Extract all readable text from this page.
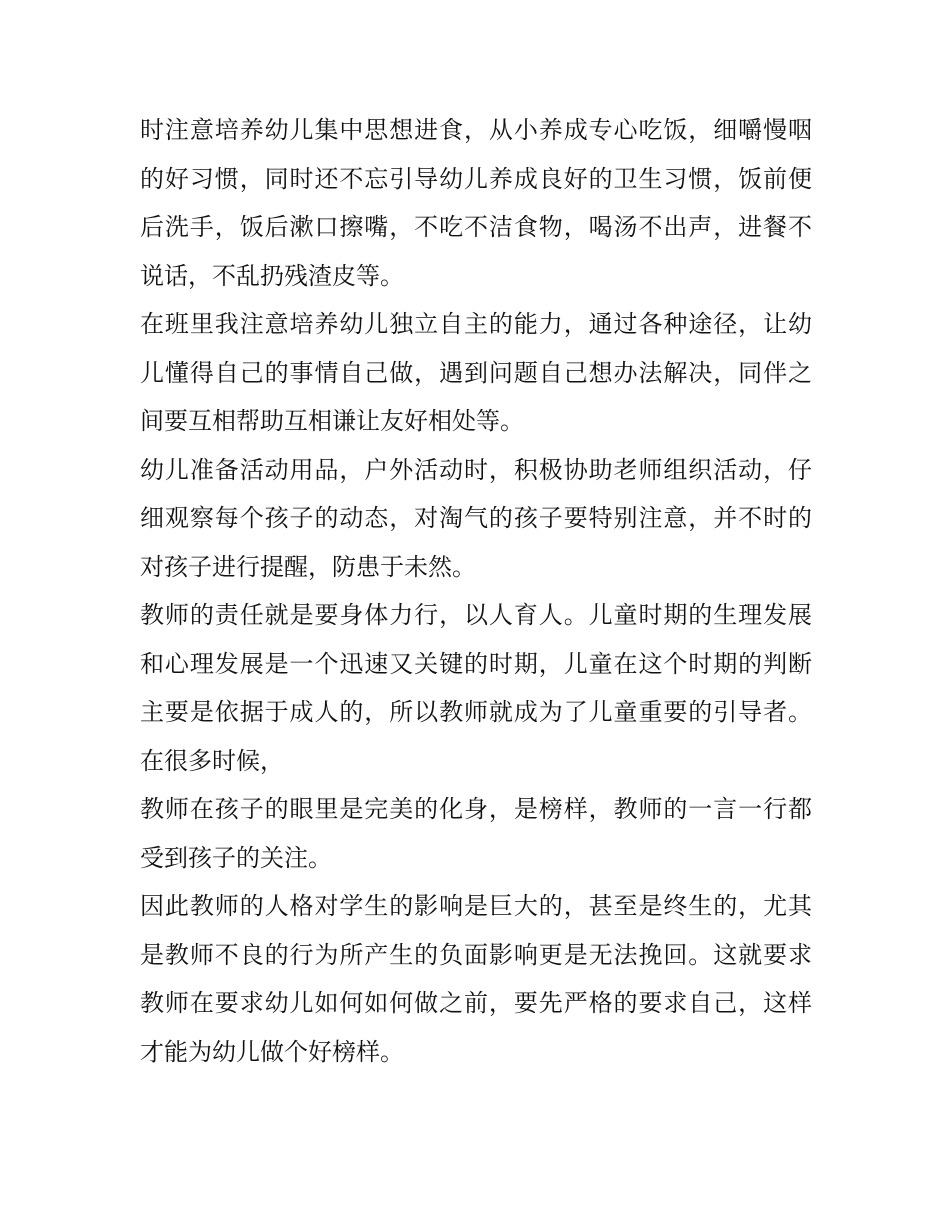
时注意培养幼儿集中思想进食，从小养成专心吃饭，细嚼慢咽
的好习惯，同时还不忘引导幼儿养成良好的卫生习惯，饭前便
后洗手，饭后漱口擦嘴，不吃不洁食物，喝汤不出声，进餐不
说话，不乱扔残渣皮等。
在班里我注意培养幼儿独立自主的能力，通过各种途径，让幼
儿懂得自己的事情自己做，遇到问题自己想办法解决，同伴之
间要互相帮助互相谦让友好相处等。
幼儿准备活动用品，户外活动时，积极协助老师组织活动，仔
细观察每个孩子的动态，对淘气的孩子要特别注意，并不时的
对孩子进行提醒，防患于未然。
教师的责任就是要身体力行，以人育人。儿童时期的生理发展
和心理发展是一个迅速又关键的时期，儿童在这个时期的判断
主要是依据于成人的，所以教师就成为了儿童重要的引导者。
在很多时候，
教师在孩子的眼里是完美的化身，是榜样，教师的一言一行都
受到孩子的关注。
因此教师的人格对学生的影响是巨大的，甚至是终生的，尤其
是教师不良的行为所产生的负面影响更是无法挽回。这就要求
教师在要求幼儿如何如何做之前，要先严格的要求自己，这样
才能为幼儿做个好榜样。
